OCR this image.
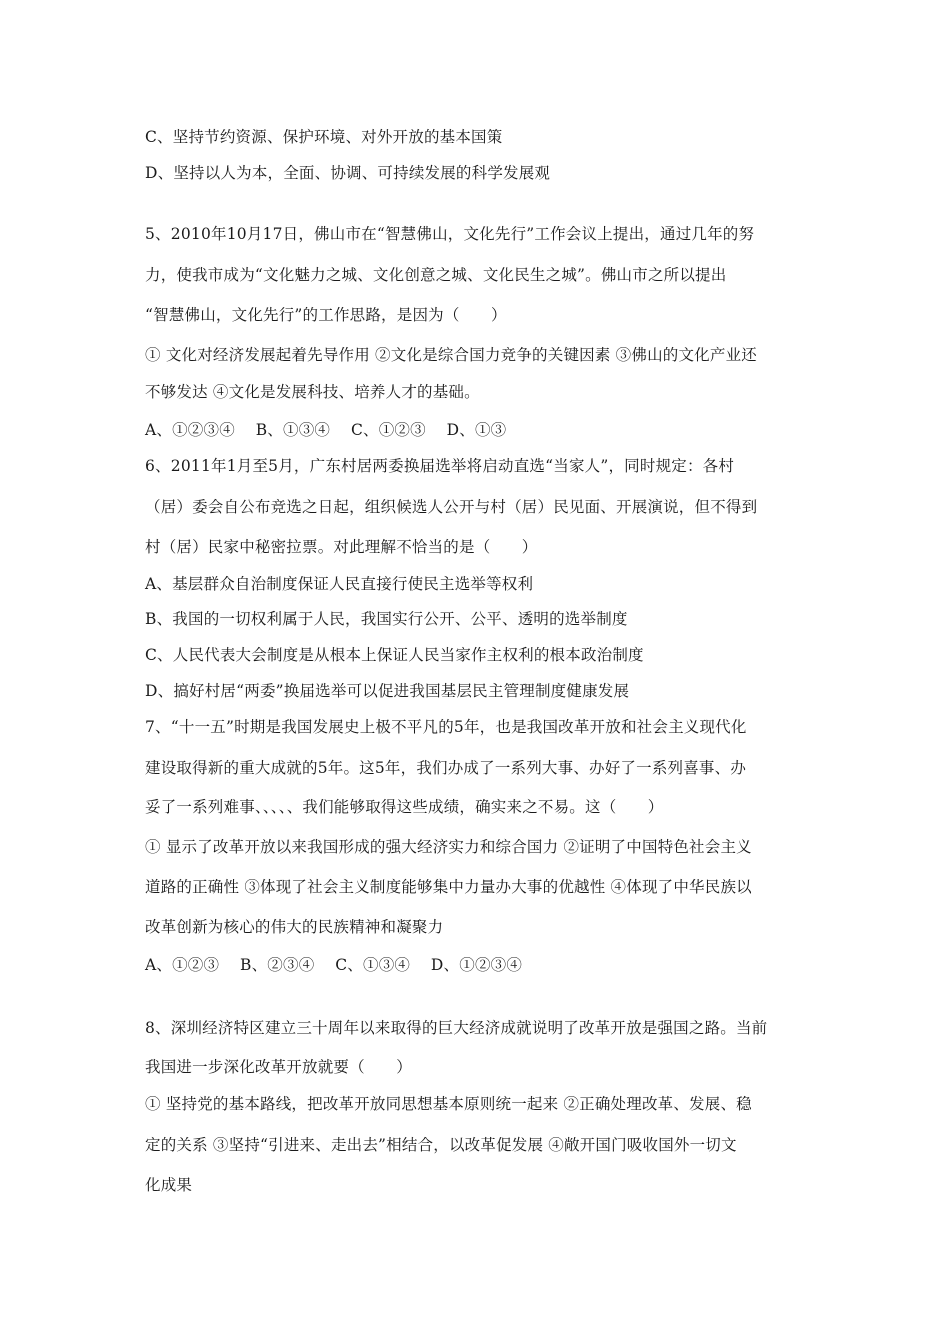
C、坚持节约资源、保护环境、对外开放的基本国策
D、坚持以人为本，全面、协调、可持续发展的科学发展观
5、2010年10月17日，佛山市在“智慧佛山，文化先行”工作会议上提出，通过几年的努
力，使我市成为“文化魅力之城、文化创意之城、文化民生之城”。佛山市之所以提出
“智慧佛山，文化先行”的工作思路，是因为（　　）
① 文化对经济发展起着先导作用 ②文化是综合国力竞争的关键因素 ③佛山的文化产业还
不够发达 ④文化是发展科技、培养人才的基础。
A、①②③④　 B、①③④　 C、①②③　 D、①③
6、2011年1月至5月，广东村居两委换届选举将启动直选“当家人”，同时规定：各村
（居）委会自公布竞选之日起，组织候选人公开与村（居）民见面、开展演说，但不得到
村（居）民家中秘密拉票。对此理解不恰当的是（　　）
A、基层群众自治制度保证人民直接行使民主选举等权利
B、我国的一切权利属于人民，我国实行公开、公平、透明的选举制度
C、人民代表大会制度是从根本上保证人民当家作主权利的根本政治制度
D、搞好村居“两委”换届选举可以促进我国基层民主管理制度健康发展
7、“十一五”时期是我国发展史上极不平凡的5年，也是我国改革开放和社会主义现代化
建设取得新的重大成就的5年。这5年，我们办成了一系列大事、办好了一系列喜事、办
妥了一系列难事、、、、、我们能够取得这些成绩，确实来之不易。这（　　）
① 显示了改革开放以来我国形成的强大经济实力和综合国力 ②证明了中国特色社会主义
道路的正确性 ③体现了社会主义制度能够集中力量办大事的优越性 ④体现了中华民族以
改革创新为核心的伟大的民族精神和凝聚力
A、①②③　 B、②③④　 C、①③④　 D、①②③④
8、深圳经济特区建立三十周年以来取得的巨大经济成就说明了改革开放是强国之路。当前
我国进一步深化改革开放就要（　　）
① 坚持党的基本路线，把改革开放同思想基本原则统一起来 ②正确处理改革、发展、稳
定的关系 ③坚持“引进来、走出去”相结合，以改革促发展 ④敞开国门吸收国外一切文
化成果
